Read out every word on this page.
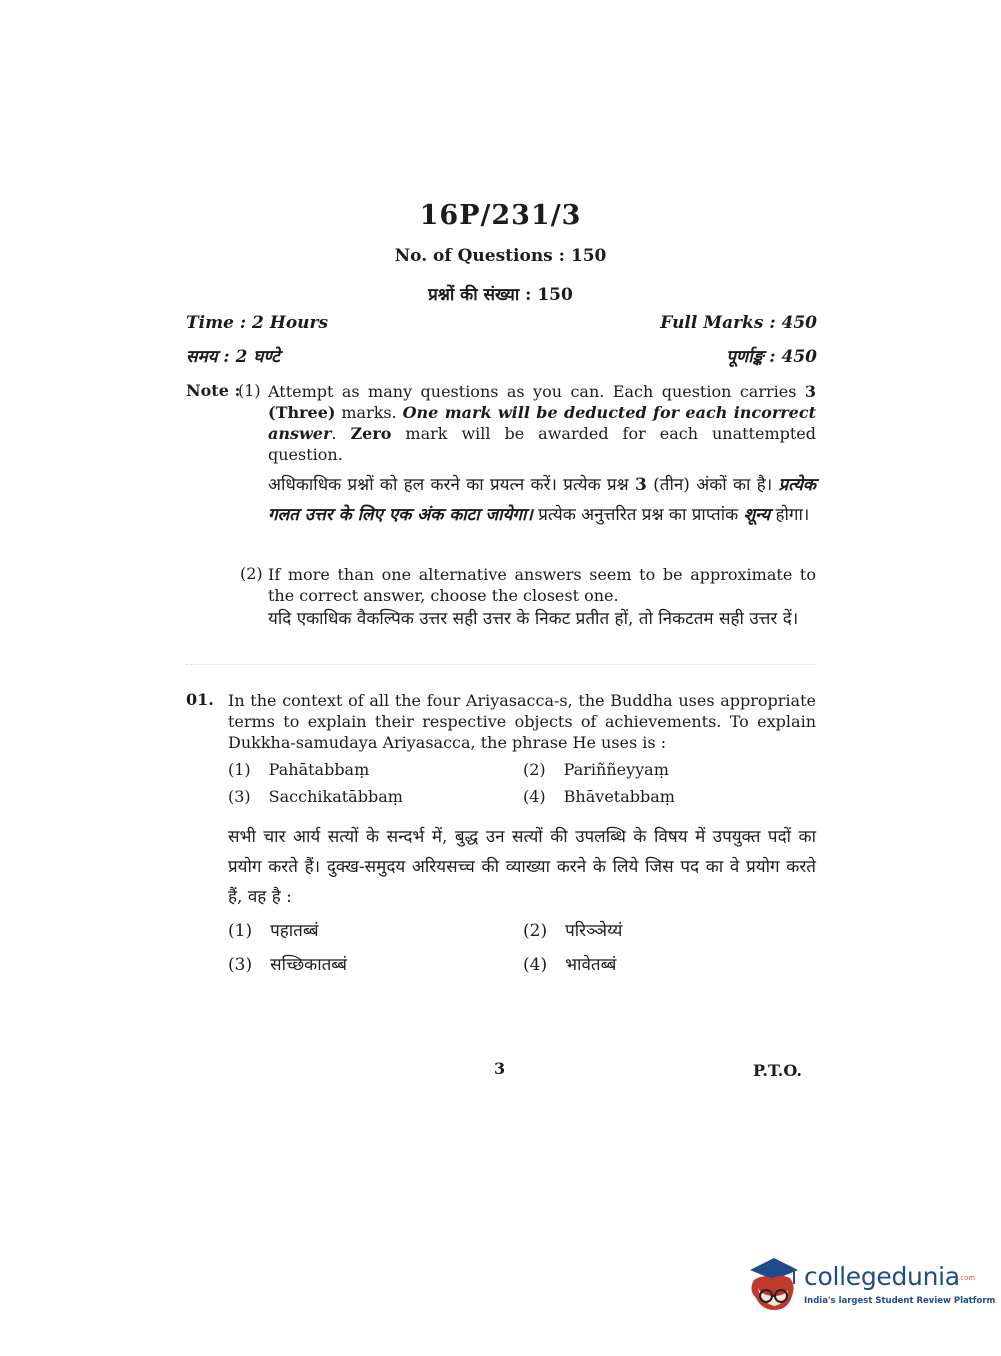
16P/231/3
No. of Questions : 150
प्रश्नों की संख्या : 150
Time : 2 Hours	Full Marks : 450
समय : 2 घण्टे	पूर्णाङ्क : 450
Note :
(1) Attempt as many questions as you can. Each question carries 3 (Three) marks. One mark will be deducted for each incorrect answer. Zero mark will be awarded for each unattempted question.
अधिकाधिक प्रश्नों को हल करने का प्रयत्न करें। प्रत्येक प्रश्न 3 (तीन) अंकों का है। प्रत्येक गलत उत्तर के लिए एक अंक काटा जायेगा। प्रत्येक अनुत्तरित प्रश्न का प्राप्तांक शून्य होगा।
(2) If more than one alternative answers seem to be approximate to the correct answer, choose the closest one.
यदि एकाधिक वैकल्पिक उत्तर सही उत्तर के निकट प्रतीत हों, तो निकटतम सही उत्तर दें।
01. In the context of all the four Ariyasacca-s, the Buddha uses appropriate terms to explain their respective objects of achievements. To explain Dukkha-samudaya Ariyasacca, the phrase He uses is :
(1) Pahātabbaṃ	(2) Pariññeyyaṃ
(3) Sacchikatābbaṃ	(4) Bhāvetabbaṃ
सभी चार आर्य सत्यों के सन्दर्भ में, बुद्ध उन सत्यों की उपलब्धि के विषय में उपयुक्त पदों का प्रयोग करते हैं। दुक्ख-समुदय अरियसच्च की व्याख्या करने के लिये जिस पद का वे प्रयोग करते हैं, वह है :
(1) पहातब्बं	(2) परिञ्ञेय्यं
(3) सच्छिकातब्बं	(4) भावेतब्बं
3	P.T.O.
collegedunia
.com
India's largest Student Review Platform
